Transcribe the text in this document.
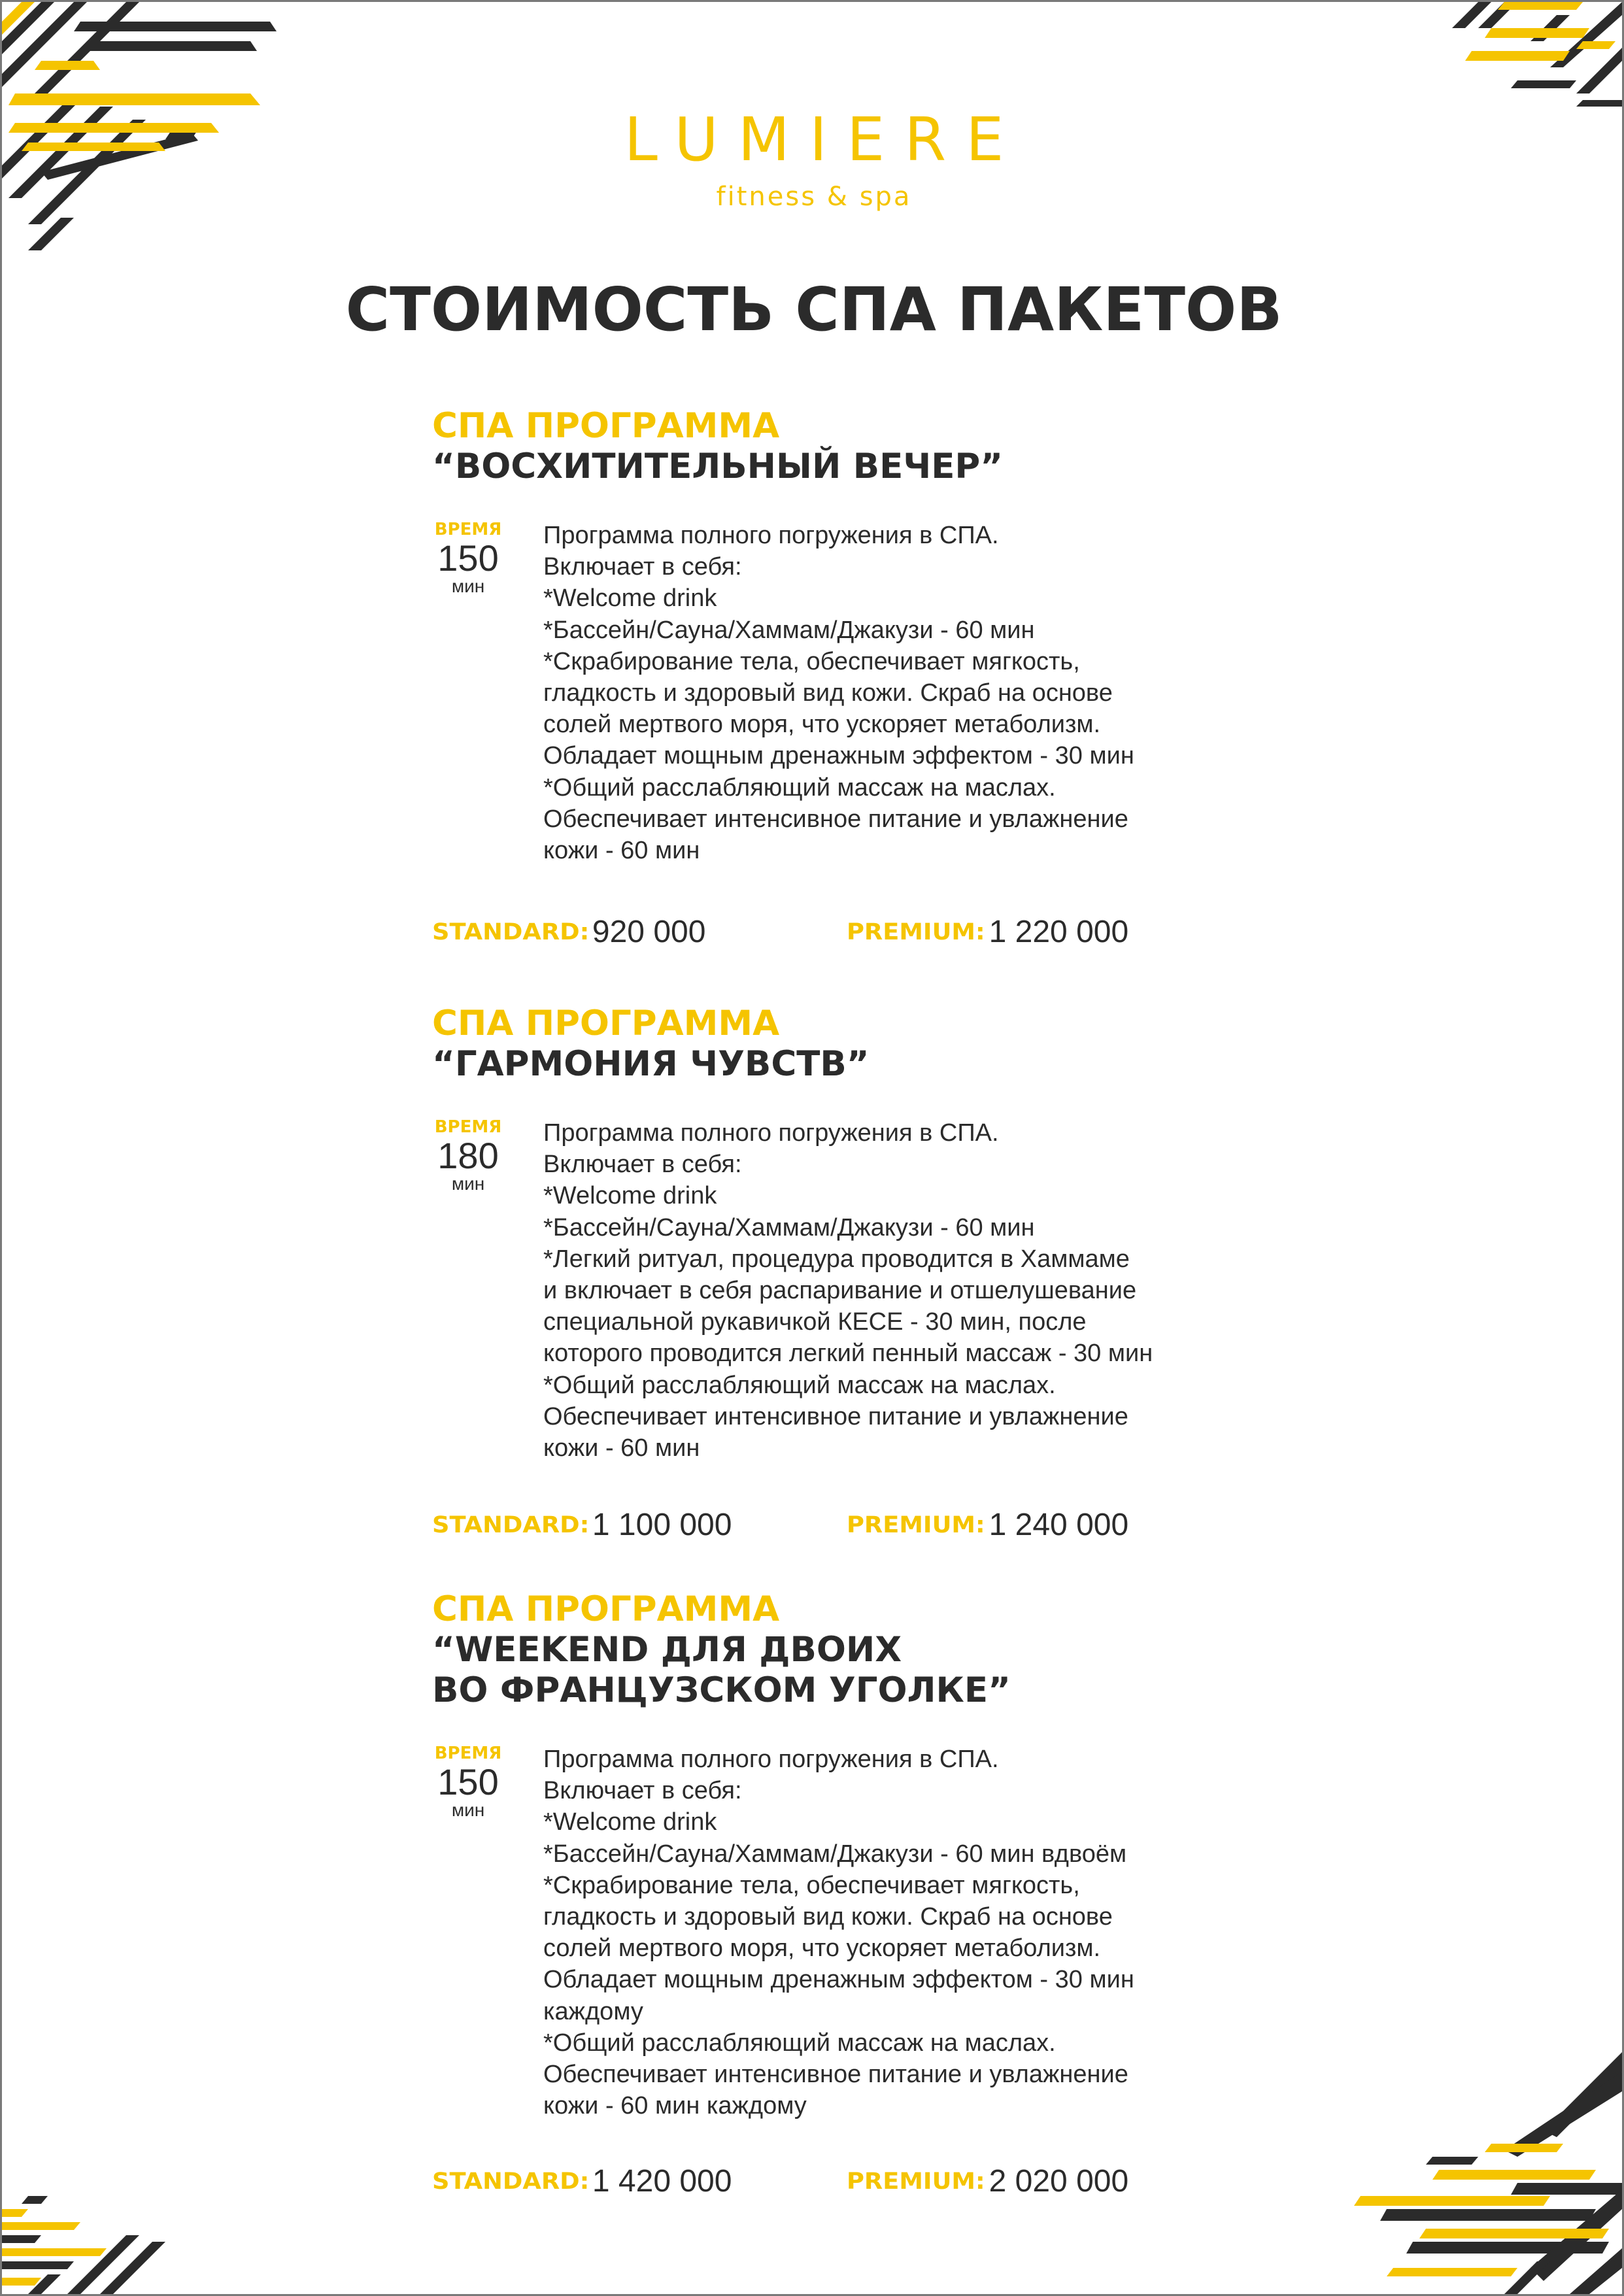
LUMIERE
fitness & spa
СТОИМОСТЬ СПА ПАКЕТОВ
СПА ПРОГРАММА
“ВОСХИТИТЕЛЬНЫЙ ВЕЧЕР”
ВРЕМЯ
150
мин
Программа полного погружения в СПА.
Включает в себя:
*Welcome drink
*Бассейн/Сауна/Хаммам/Джакузи - 60 мин
*Скрабирование тела, обеспечивает мягкость,
гладкость и здоровый вид кожи. Скраб на основе
солей мертвого моря, что ускоряет метаболизм.
Обладает мощным дренажным эффектом - 30 мин
*Общий расслабляющий массаж на маслах.
Обеспечивает интенсивное питание и увлажнение
кожи - 60 мин
STANDARD:920 000	PREMIUM: 1 220 000
СПА ПРОГРАММА
“ГАРМОНИЯ ЧУВСТВ”
ВРЕМЯ
180
мин
Программа полного погружения в СПА.
Включает в себя:
*Welcome drink
*Бассейн/Сауна/Хаммам/Джакузи - 60 мин
*Легкий ритуал, процедура проводится в Хаммаме
и включает в себя распаривание и отшелушевание
специальной рукавичкой КЕСЕ - 30 мин, после
которого проводится легкий пенный массаж - 30 мин
*Общий расслабляющий массаж на маслах.
Обеспечивает интенсивное питание и увлажнение
кожи - 60 мин
STANDARD:1 100 000	PREMIUM: 1 240 000
СПА ПРОГРАММА
“WEEKEND ДЛЯ ДВОИХ
ВО ФРАНЦУЗСКОМ УГОЛКЕ”
ВРЕМЯ
150
мин
Программа полного погружения в СПА.
Включает в себя:
*Welcome drink
*Бассейн/Сауна/Хаммам/Джакузи - 60 мин вдвоём
*Скрабирование тела, обеспечивает мягкость,
гладкость и здоровый вид кожи. Скраб на основе
солей мертвого моря, что ускоряет метаболизм.
Обладает мощным дренажным эффектом - 30 мин
каждому
*Общий расслабляющий массаж на маслах.
Обеспечивает интенсивное питание и увлажнение
кожи - 60 мин каждому
STANDARD:1 420 000	PREMIUM: 2 020 000
